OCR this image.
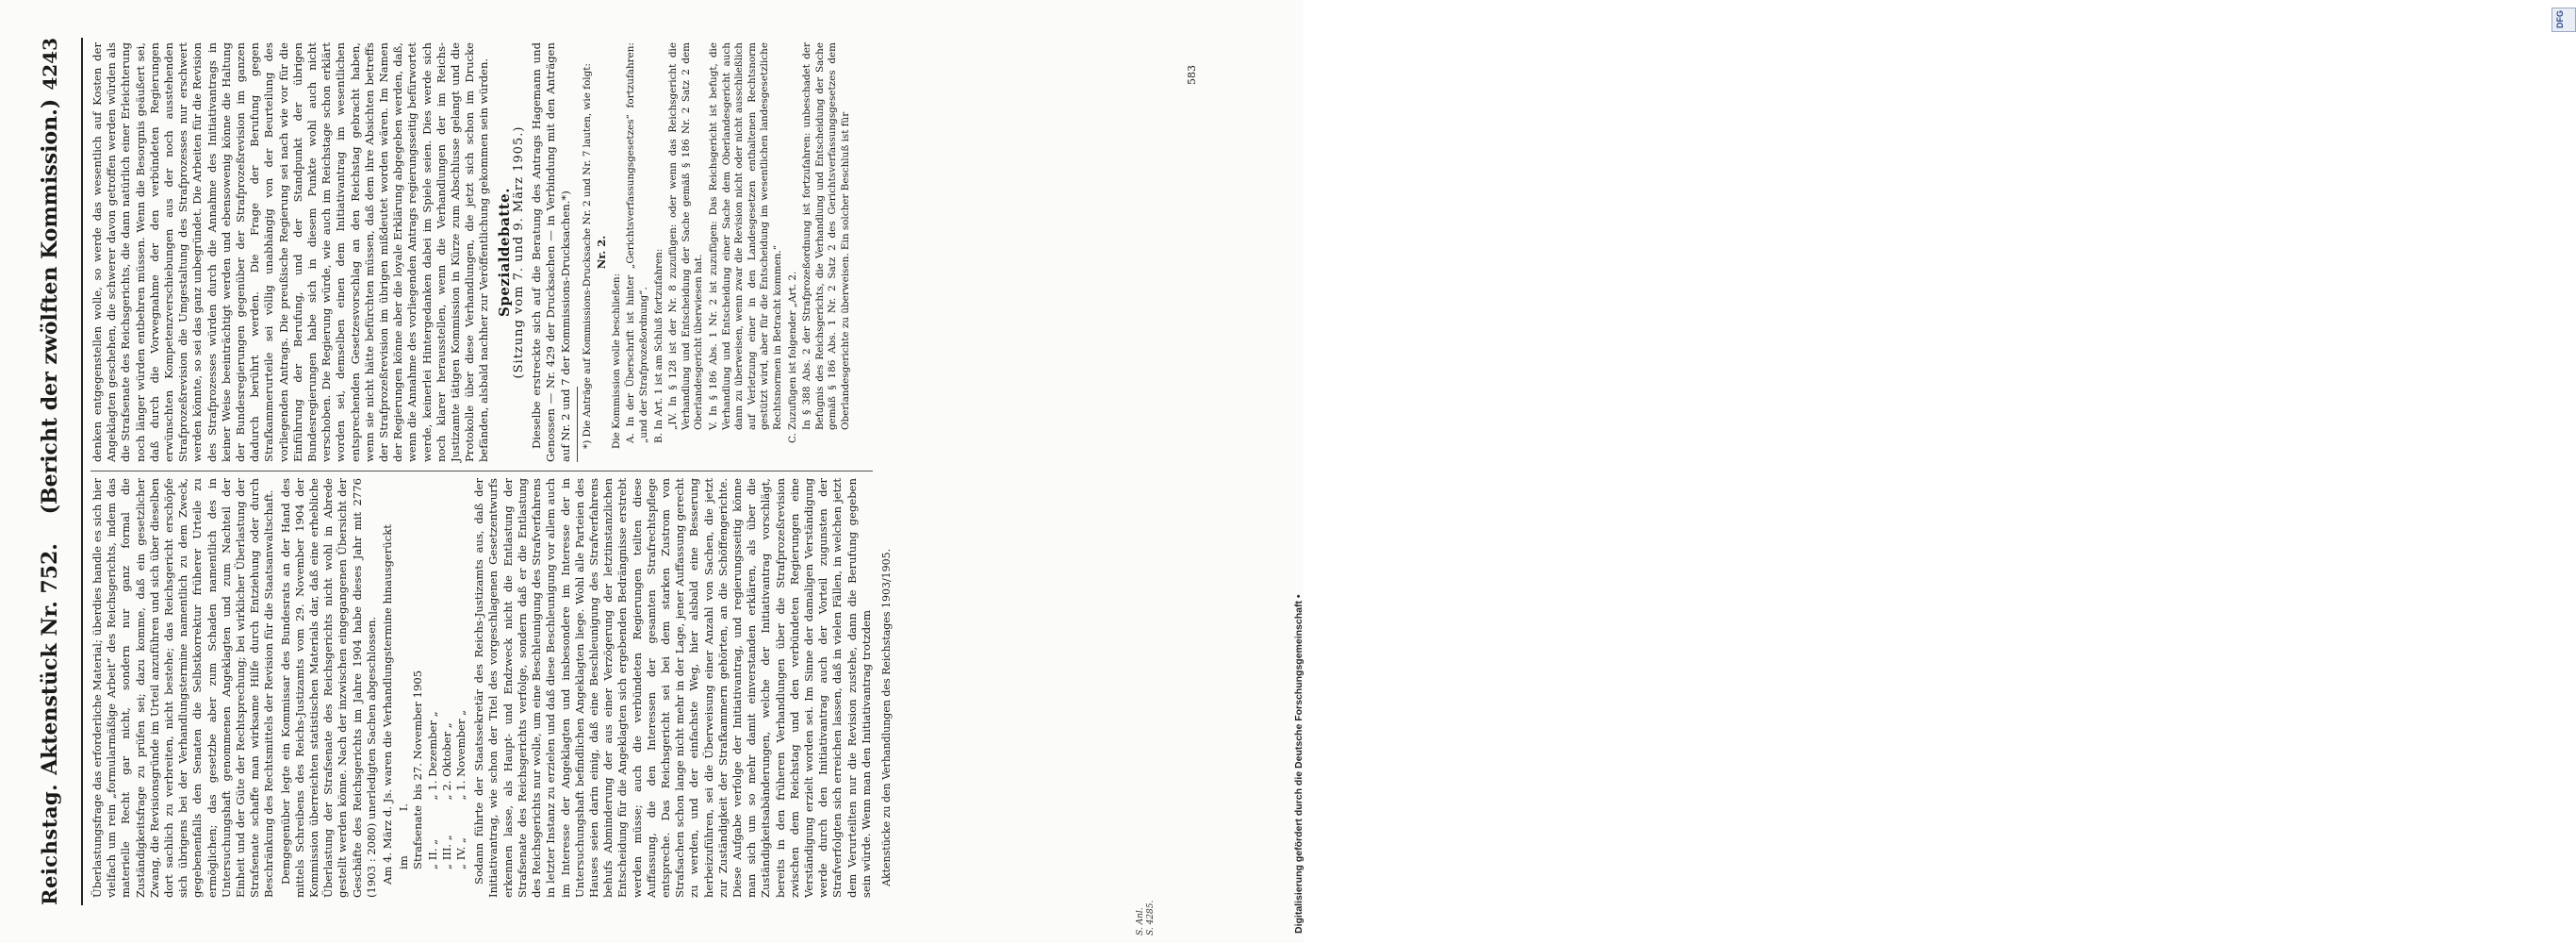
Reichstag.
Aktenstück Nr. 752.    (Bericht der zwölften Kommission.)
4243

Überlastungsfrage das erforderliche Material; überdies handle es sich hier vielfach um rein „formularmäßige Arbeit“ des Reichsgerichts, indem das materielle Recht gar nicht, sondern nur ganz formal die Zuständigkeitsfrage zu prüfen sei; dazu komme, daß ein gesetzlicher Zwang, die Revisionsgründe im Urteil anzuführen und sich über dieselben dort sachlich zu verbreiten, nicht bestehe; das Reichsgericht erschöpfe sich übrigens bei der Verhandlungstermine namentlich zu dem Zweck, gegebenenfalls den Senaten die Selbstkorrektur früherer Urteile zu ermöglichen; das gesetzbe aber zum Schaden namentlich des in Untersuchungshaft genommenen Angeklagten und zum Nachteil der Einheit und der Güte der Rechtsprechung; bei wirklicher Überlastung der Strafsenate schaffe man wirksame Hilfe durch Entziehung oder durch Beschränkung des Rechtsmittels der Revision für die Staatsanwaltschaft. Demgegenüber legte ein Kommissar des Bundesrats an der Hand des mittels Schreibens des Reichs-Justizamts vom 29. November 1904 der Kommission überreichten statistischen Materials dar, daß eine erhebliche Überlastung der Strafsenate des Reichsgerichts nicht wohl in Abrede gestellt werden könne. Nach der inzwischen eingegangenen Übersicht der Geschäfte des Reichsgerichts im Jahre 1904 habe dieses Jahr mit 2776 (1903 : 2080) unerledigten Sachen abgeschlossen. Am 4. März d. Js. waren die Verhandlungstermine hinausgerückt im I. Strafsenate bis 27. November 1905
„ II. „ „ 1. Dezember „
„ III. „ „ 2. Oktober „
„ IV. „ „ 1. November „ Sodann führte der Staatssekretär des Reichs-Justizamts aus, daß der Initiativantrag, wie schon der Titel des vorgeschlagenen Gesetzentwurfs erkennen lasse, als Haupt- und Endzweck nicht die Entlastung der Strafsenate des Reichsgerichts verfolge, sondern daß er die Entlastung des Reichsgerichts nur wolle, um eine Beschleunigung des Strafverfahrens in letzter Instanz zu erzielen und daß diese Beschleunigung vor allem auch im Interesse der Angeklagten und insbesondere im Interesse der in Untersuchungshaft befindlichen Angeklagten liege. Wohl alle Parteien des Hauses seien darin einig, daß eine Beschleunigung des Strafverfahrens behufs Abminderung der aus einer Verzögerung der letztinstanzlichen Entscheidung für die Angeklagten sich ergebenden Bedrängnisse erstrebt werden müsse; auch die verbündeten Regierungen teilten diese Auffassung, die den Interessen der gesamten Strafrechtspflege entspreche. Das Reichsgericht sei bei dem starken Zustrom von Strafsachen schon lange nicht mehr in der Lage, jener Auffassung gerecht zu werden, und der einfachste Weg, hier alsbald eine Besserung herbeizuführen, sei die Überweisung einer Anzahl von Sachen, die jetzt zur Zuständigkeit der Strafkammern gehörten, an die Schöffengerichte. Diese Aufgabe verfolge der Initiativantrag, und regierungsseitig könne man sich um so mehr damit einverstanden erklären, als über die Zuständigkeitsabänderungen, welche der Initiativantrag vorschlägt, bereits in den früheren Verhandlungen über die Strafprozeßrevision zwischen dem Reichstag und den verbündeten Regierungen eine Verständigung erzielt worden sei. Im Sinne der damaligen Verständigung werde durch den Initiativantrag auch der Vorteil zugunsten der Strafverfolgten sich erreichen lassen, daß in vielen Fällen, in welchen jetzt dem Verurteilten nur die Revision zustehe, dann die Berufung gegeben sein würde. Wenn man den Initiativantrag trotzdem

denken entgegenstellen wolle, so werde das wesentlich auf Kosten der Angeklagten geschehen, die schwerer davon getroffen werden würden als die Strafsenate des Reichsgerichts, die dann natürlich einer Erleichterung noch länger würden entbehren müssen. Wenn die Besorgnis geäußert sei, daß durch die Vorwegnahme der den verbündeten Regierungen erwünschten Kompetenzverschiebungen aus der noch ausstehenden Strafprozeßrevision die Umgestaltung des Strafprozesses nur erschwert werden könnte, so sei das ganz unbegründet. Die Arbeiten für die Revision des Strafprozesses würden durch die Annahme des Initiativantrags in keiner Weise beeinträchtigt werden und ebensowenig könne die Haltung der Bundesregierungen gegenüber der Strafprozeßrevision im ganzen dadurch berührt werden. Die Frage der Berufung gegen Strafkammerurteile sei völlig unabhängig von der Beurteilung des vorliegenden Antrags. Die preußische Regierung sei nach wie vor für die Einführung der Berufung, und der Standpunkt der übrigen Bundesregierungen habe sich in diesem Punkte wohl auch nicht verschoben. Die Regierung würde, wie auch im Reichstage schon erklärt worden sei, demselben einen dem Initiativantrag im wesentlichen entsprechenden Gesetzesvorschlag an den Reichstag gebracht haben, wenn sie nicht hätte befürchten müssen, daß dem ihre Absichten betreffs der Strafprozeßrevision im übrigen mißdeutet worden wären. Im Namen der Regierungen könne aber die loyale Erklärung abgegeben werden, daß, wenn die Annahme des vorliegenden Antrags regierungsseitig befürwortet werde, keinerlei Hintergedanken dabei im Spiele seien. Dies werde sich noch klarer herausstellen, wenn die Verhandlungen der im Reichs-Justizamte tätigen Kommission in Kürze zum Abschlusse gelangt und die Protokolle über diese Verhandlungen, die jetzt sich schon im Drucke befänden, alsbald nachher zur Veröffentlichung gekommen sein würden. Spezialdebatte. (Sitzung vom 7. und 9. März 1905.) Dieselbe erstreckte sich auf die Beratung des Antrags Hagemann und Genossen — Nr. 429 der Drucksachen — in Verbindung mit den Anträgen auf Nr. 2 und 7 der Kommissions-Drucksachen.*) *) Die Anträge auf Kommissions-Drucksache Nr. 2 und Nr. 7 lauten, wie folgt: Nr. 2.

Die Kommission wolle beschließen: A. In der Überschrift ist hinter „Gerichtsverfassungsgesetzes“ fortzufahren: „und der Strafprozeßordnung“. B. In Art. 1 ist am Schluß fortzufahren: „IV. In § 128 ist der Nr. 8 zuzufügen: oder wenn das Reichsgericht die Verhandlung und Entscheidung der Sache gemäß § 186 Nr. 2 Satz 2 dem Oberlandesgericht überwiesen hat. V. In § 186 Abs. 1 Nr. 2 ist zuzufügen: Das Reichsgericht ist befugt, die Verhandlung und Entscheidung einer Sache dem Oberlandesgericht auch dann zu überweisen, wenn zwar die Revision nicht oder nicht ausschließlich auf Verletzung einer in den Landesgesetzen enthaltenen Rechtsnorm gestützt wird, aber für die Entscheidung im wesentlichen landesgesetzliche Rechtsnormen in Betracht kommen.“ C. Zuzufügen ist folgender „Art. 2. In § 388 Abs. 2 der Strafprozeßordnung ist fortzufahren: unbeschadet der Befugnis des Reichsgerichts, die Verhandlung und Entscheidung der Sache gemäß § 186 Abs. 1 Nr. 2 Satz 2 des Gerichtsverfassungsgesetzes dem Oberlandesgerichte zu überweisen. Ein solcher Beschluß ist für

Aktenstücke zu den Verhandlungen des Reichstages 1903/1905.
583
S. Anl. S. 4285.
DFG
Digitalisierung gefördert durch die Deutsche Forschungsgemeinschaft •
